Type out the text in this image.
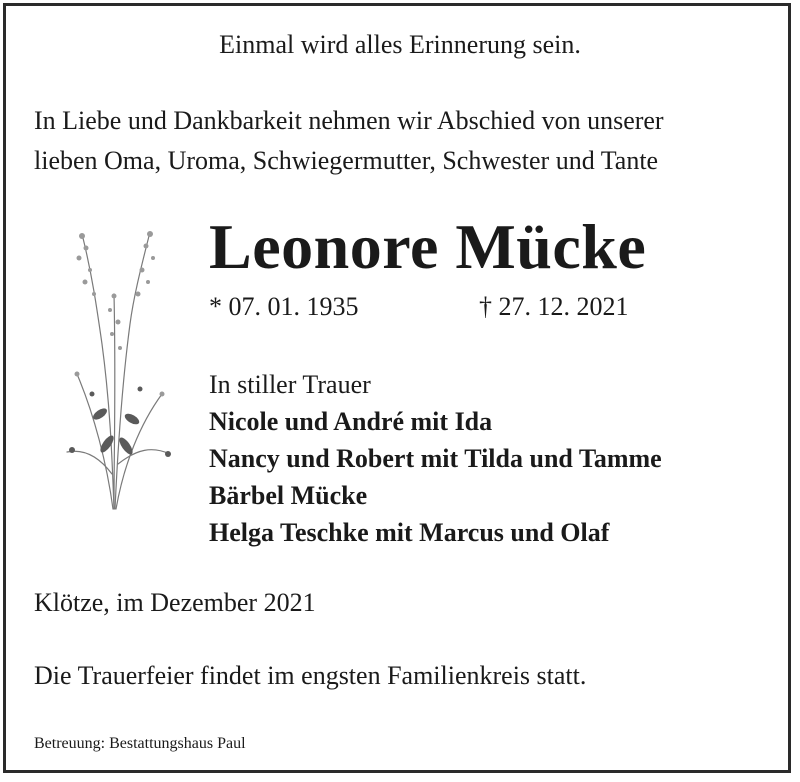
Einmal wird alles Erinnerung sein.
In Liebe und Dankbarkeit nehmen wir Abschied von unserer
lieben Oma, Uroma, Schwiegermutter, Schwester und Tante
Leonore Mücke
* 07. 01. 1935	† 27. 12. 2021
In stiller Trauer
Nicole und André mit Ida
Nancy und Robert mit Tilda und Tamme
Bärbel Mücke
Helga Teschke mit Marcus und Olaf
Klötze, im Dezember 2021
Die Trauerfeier findet im engsten Familienkreis statt.
Betreuung: Bestattungshaus Paul
